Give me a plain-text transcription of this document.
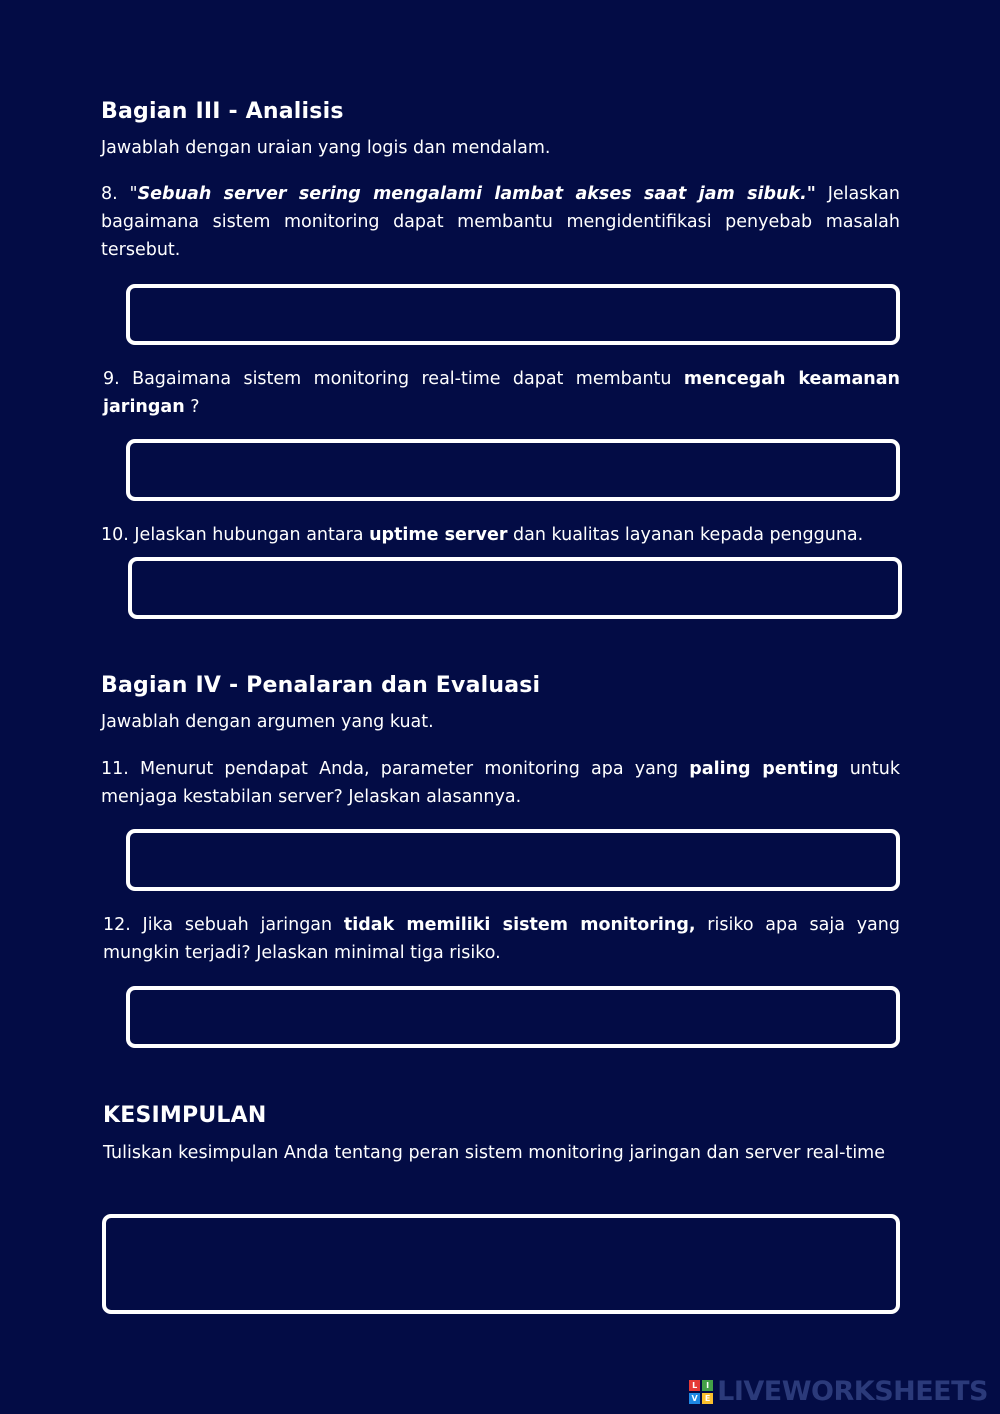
Bagian III - Analisis
Jawablah dengan uraian yang logis dan mendalam.
8. "Sebuah server sering mengalami lambat akses saat jam sibuk." Jelaskan bagaimana sistem monitoring dapat membantu mengidentifikasi penyebab masalah tersebut.
9. Bagaimana sistem monitoring real-time dapat membantu mencegah keamanan jaringan ?
10. Jelaskan hubungan antara uptime server dan kualitas layanan kepada pengguna.
Bagian IV - Penalaran dan Evaluasi
Jawablah dengan argumen yang kuat.
11. Menurut pendapat Anda, parameter monitoring apa yang paling penting untuk menjaga kestabilan server? Jelaskan alasannya.
12. Jika sebuah jaringan tidak memiliki sistem monitoring, risiko apa saja yang mungkin terjadi? Jelaskan minimal tiga risiko.
KESIMPULAN
Tuliskan kesimpulan Anda tentang peran sistem monitoring jaringan dan server real-time
L	I
V E LIVEWORKSHEETS
